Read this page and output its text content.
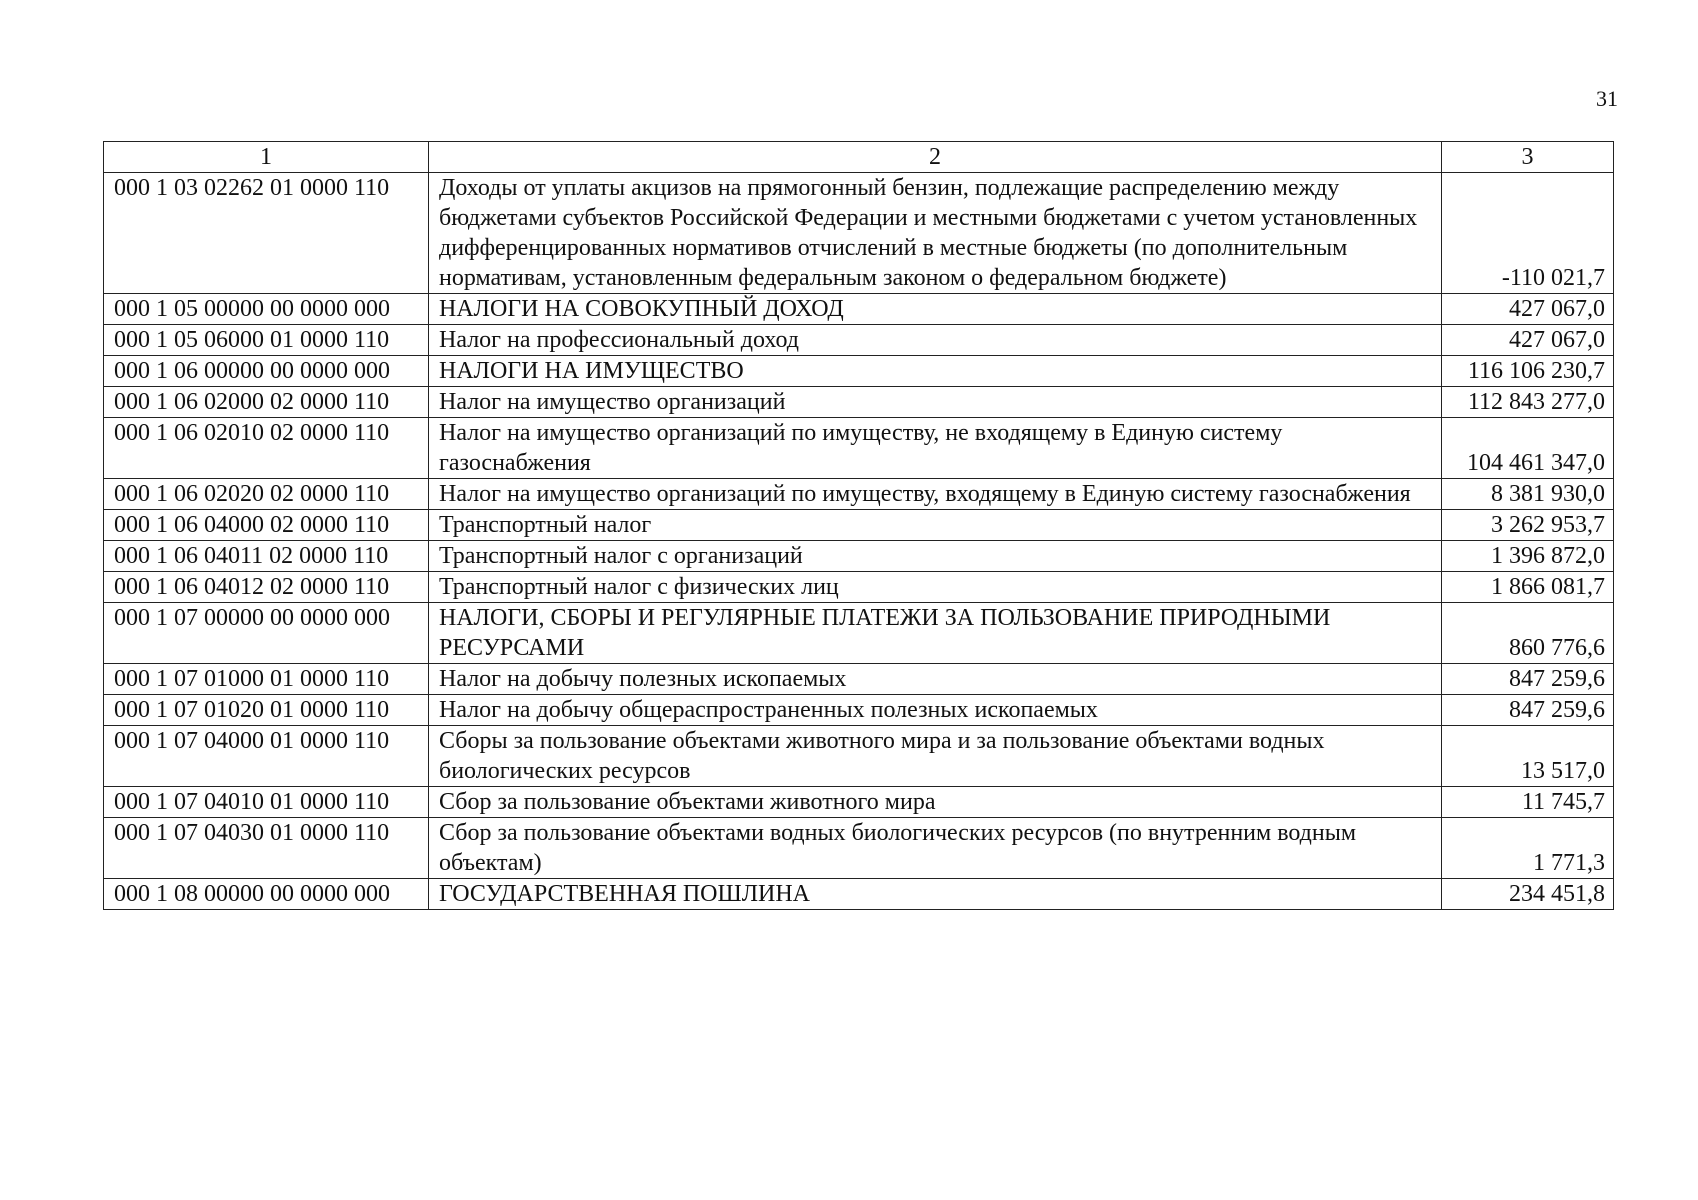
31
1	2	3
000 1 03 02262 01 0000 110	Доходы от уплаты акцизов на прямогонный бензин, подлежащие распределению между бюджетами субъектов Российской Федерации и местными бюджетами с учетом установленных дифференцированных нормативов отчислений в местные бюджеты (по дополнительным нормативам, установленным федеральным законом о федеральном бюджете)	-110 021,7
000 1 05 00000 00 0000 000	НАЛОГИ НА СОВОКУПНЫЙ ДОХОД	427 067,0
000 1 05 06000 01 0000 110	Налог на профессиональный доход	427 067,0
000 1 06 00000 00 0000 000	НАЛОГИ НА ИМУЩЕСТВО	116 106 230,7
000 1 06 02000 02 0000 110	Налог на имущество организаций	112 843 277,0
000 1 06 02010 02 0000 110	Налог на имущество организаций по имуществу, не входящему в Единую систему газоснабжения	104 461 347,0
000 1 06 02020 02 0000 110	Налог на имущество организаций по имуществу, входящему в Единую систему газоснабжения	8 381 930,0
000 1 06 04000 02 0000 110	Транспортный налог	3 262 953,7
000 1 06 04011 02 0000 110	Транспортный налог с организаций	1 396 872,0
000 1 06 04012 02 0000 110	Транспортный налог с физических лиц	1 866 081,7
000 1 07 00000 00 0000 000	НАЛОГИ, СБОРЫ И РЕГУЛЯРНЫЕ ПЛАТЕЖИ ЗА ПОЛЬЗОВАНИЕ ПРИРОДНЫМИ РЕСУРСАМИ	860 776,6
000 1 07 01000 01 0000 110	Налог на добычу полезных ископаемых	847 259,6
000 1 07 01020 01 0000 110	Налог на добычу общераспространенных полезных ископаемых	847 259,6
000 1 07 04000 01 0000 110	Сборы за пользование объектами животного мира и за пользование объектами водных биологических ресурсов	13 517,0
000 1 07 04010 01 0000 110	Сбор за пользование объектами животного мира	11 745,7
000 1 07 04030 01 0000 110	Сбор за пользование объектами водных биологических ресурсов (по внутренним водным объектам)	1 771,3
000 1 08 00000 00 0000 000	ГОСУДАРСТВЕННАЯ ПОШЛИНА	234 451,8
